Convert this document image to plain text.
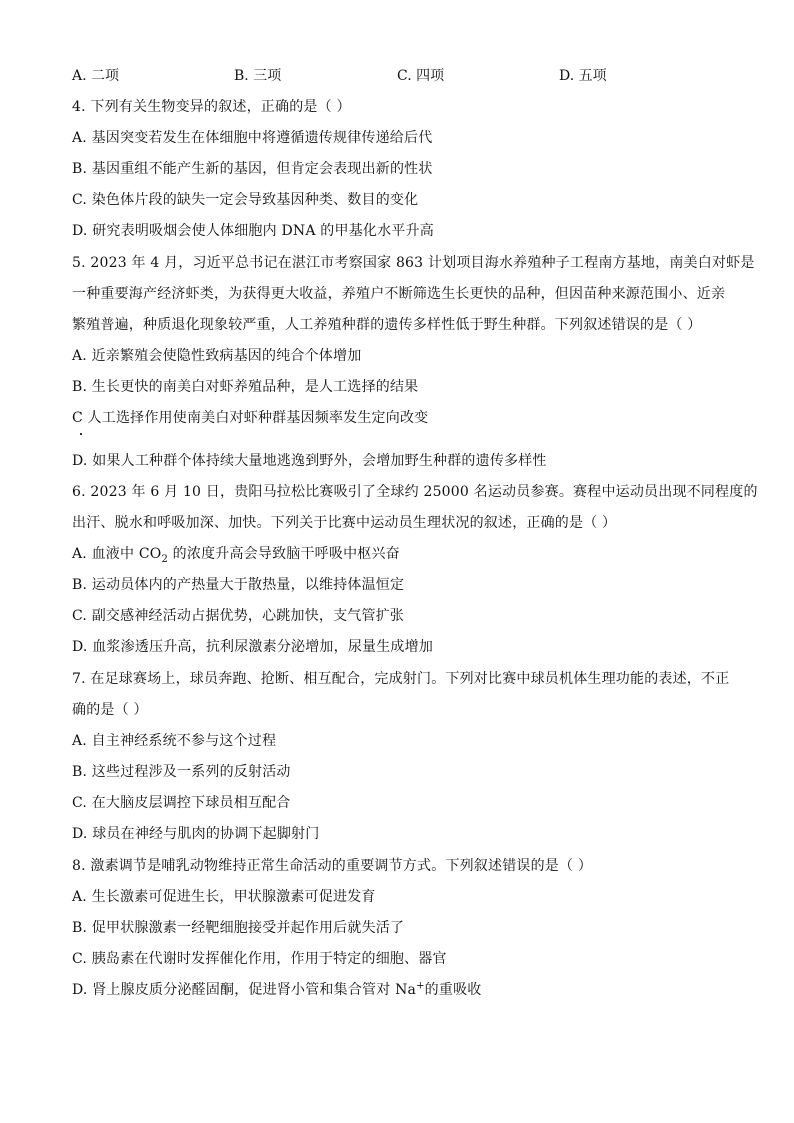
A. 二项	B. 三项	C. 四项	D. 五项
4. 下列有关生物变异的叙述，正确的是（ ）
A. 基因突变若发生在体细胞中将遵循遗传规律传递给后代
B. 基因重组不能产生新的基因，但肯定会表现出新的性状
C. 染色体片段的缺失一定会导致基因种类、数目的变化
D. 研究表明吸烟会使人体细胞内 DNA 的甲基化水平升高
5. 2023 年 4 月，习近平总书记在湛江市考察国家 863 计划项目海水养殖种子工程南方基地，南美白对虾是
一种重要海产经济虾类，为获得更大收益，养殖户不断筛选生长更快的品种，但因苗种来源范围小、近亲
繁殖普遍，种质退化现象较严重，人工养殖种群的遗传多样性低于野生种群。下列叙述错误的是（ ）
A. 近亲繁殖会使隐性致病基因的纯合个体增加
B. 生长更快的南美白对虾养殖品种，是人工选择的结果
C 人工选择作用使南美白对虾种群基因频率发生定向改变
D. 如果人工种群个体持续大量地逃逸到野外，会增加野生种群的遗传多样性
6. 2023 年 6 月 10 日，贵阳马拉松比赛吸引了全球约 25000 名运动员参赛。赛程中运动员出现不同程度的
出汗、脱水和呼吸加深、加快。下列关于比赛中运动员生理状况的叙述，正确的是（ ）
A. 血液中 $CO_2$ 的浓度升高会导致脑干呼吸中枢兴奋
B. 运动员体内的产热量大于散热量，以维持体温恒定
C. 副交感神经活动占据优势，心跳加快，支气管扩张
D. 血浆渗透压升高，抗利尿激素分泌增加，尿量生成增加
7. 在足球赛场上，球员奔跑、抢断、相互配合，完成射门。下列对比赛中球员机体生理功能的表述，不正
确的是（ ）
A. 自主神经系统不参与这个过程
B. 这些过程涉及一系列的反射活动
C. 在大脑皮层调控下球员相互配合
D. 球员在神经与肌肉的协调下起脚射门
8. 激素调节是哺乳动物维持正常生命活动的重要调节方式。下列叙述错误的是（ ）
A. 生长激素可促进生长，甲状腺激素可促进发育
B. 促甲状腺激素一经靶细胞接受并起作用后就失活了
C. 胰岛素在代谢时发挥催化作用，作用于特定的细胞、器官
D. 肾上腺皮质分泌醛固酮，促进肾小管和集合管对 Na+的重吸收
